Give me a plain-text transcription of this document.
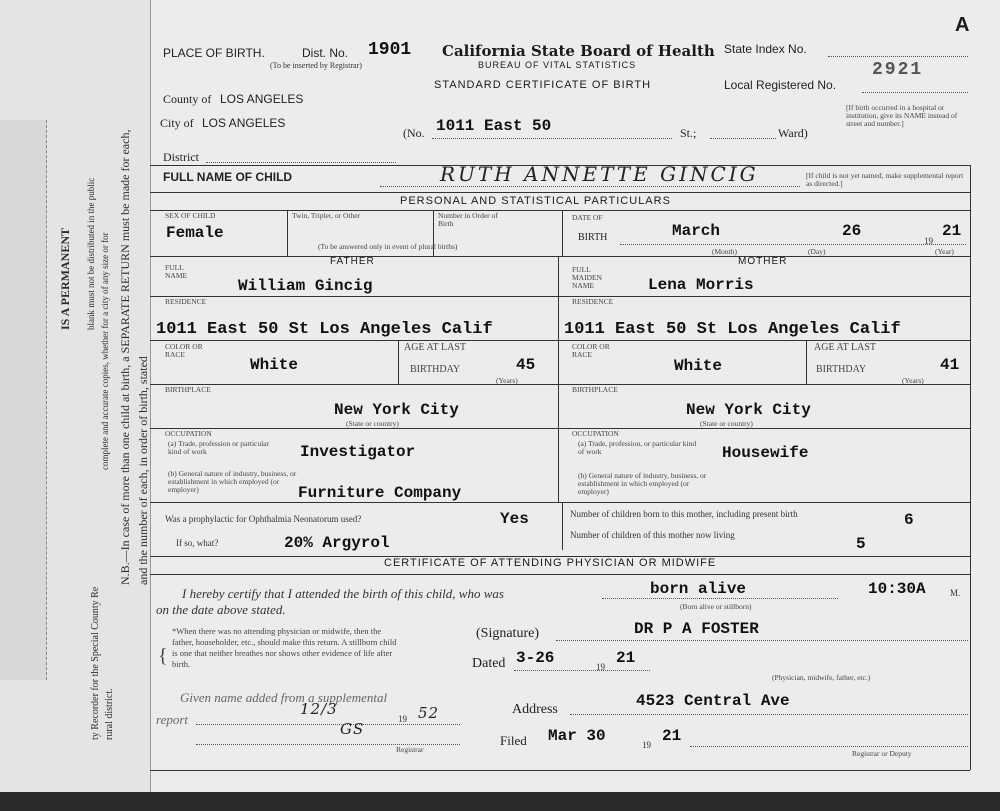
N.B.—In case of more than one child at birth, a SEPARATE RETURN must be made for each, and the number of each, in order of birth, stated
blank must not be distributed in the public complete and accurate copies, whether for a city of any size or for
IS A PERMANENT
ty Recorder for the Special County Re rural district.
A
PLACE OF BIRTH.	Dist. No. 1901
(To be inserted by Registrar)
California State Board of Health
BUREAU OF VITAL STATISTICS
STANDARD CERTIFICATE OF BIRTH
State Index No.
Local Registered No.
2921
County of LOS ANGELES
City of LOS ANGELES
District
(No. 1011 East 50	St.;	Ward)
[If birth occurred in a hospital or institution, give its NAME instead of street and number.]
FULL NAME OF CHILD	RUTH ANNETTE GINCIG	[If child is not yet named, make supplemental report as directed.]
PERSONAL AND STATISTICAL PARTICULARS
SEX OF CHILD
Female
Twin, Triplet, or Other	Number in Order of Birth
(To be answered only in event of plural births)
DATE OF
BIRTH	March	26
19
21
(Month)	(Day)	(Year)
FATHER	MOTHER
FULL NAME
William Gincig
FULL MAIDEN NAME	Lena Morris
RESIDENCE
1011 East 50 St Los Angeles Calif
RESIDENCE
1011 East 50 St Los Angeles Calif
COLOR OR RACE
White
AGE AT LAST
BIRTHDAY	45
(Years)
COLOR OR RACE
White
AGE AT LAST
BIRTHDAY	41
(Years)
BIRTHPLACE
New York City
(State or country)
BIRTHPLACE
New York City
(State or country)
OCCUPATION
(a) Trade, profession or particular kind of work	Investigator
(b) General nature of industry, business, or establishment in which employed (or employer)	Furniture Company
OCCUPATION
(a) Trade, profession, or particular kind of work	Housewife
(b) General nature of industry, business, or establishment in which employed (or employer)
Was a prophylactic for Ophthalmia Neonatorum used?	Yes
If so, what?	20% Argyrol
Number of children born to this mother, including present birth	6
Number of children of this mother now living	5
CERTIFICATE OF ATTENDING PHYSICIAN OR MIDWIFE
I hereby certify that I attended the birth of this child, who was
on the date above stated.
born alive
(Born alive or stillborn)
10:30A	M.
{
*When there was no attending physician or midwife, then the father, householder, etc., should make this return. A stillborn child is one that neither breathes nor shows other evidence of life after birth.
(Signature)	DR P A FOSTER
Dated 3-26	19 21
(Physician, midwife, father, etc.)
Given name added from a supplemental
report
12/3
19 52
GS
Registrar
Address	4523 Central Ave
Filed Mar 30	19 21
Registrar or Deputy
